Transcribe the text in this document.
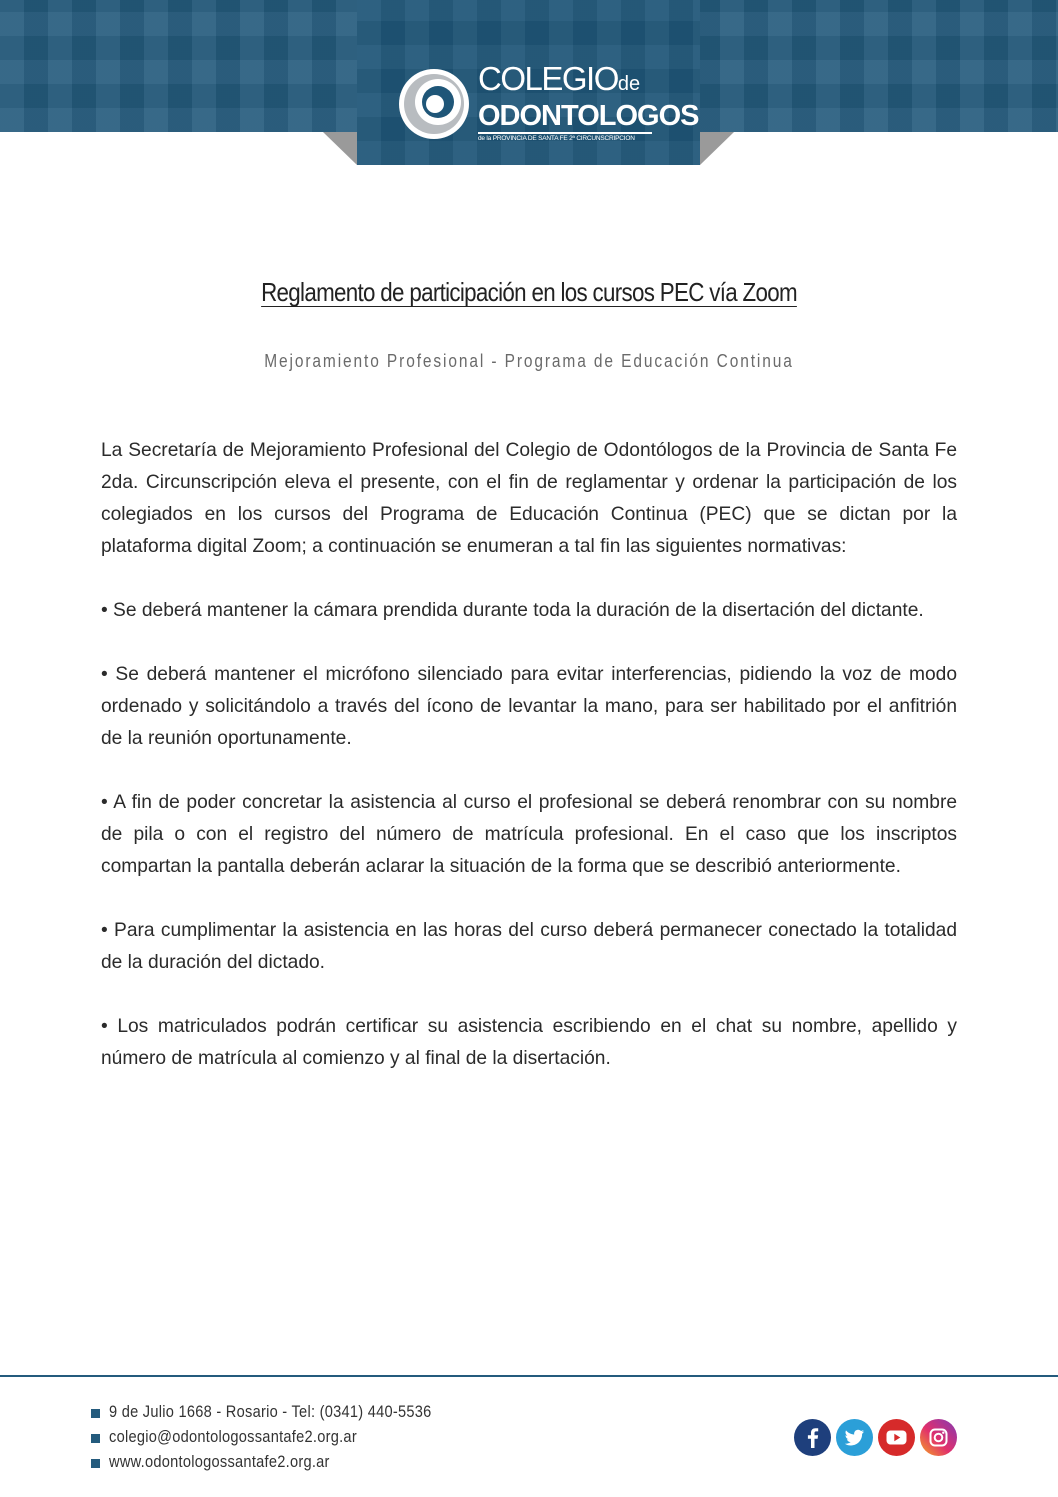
COLEGIOde
ODONTOLOGOS
de la PROVINCIA DE SANTA FE 2ª CIRCUNSCRIPCION
Reglamento de participación en los cursos PEC vía Zoom
Mejoramiento Profesional - Programa de Educación Continua

La Secretaría de Mejoramiento Profesional del Colegio de Odontólogos de la Provincia de Santa Fe 2da. Circunscripción eleva el presente, con el fin de reglamentar y ordenar la participación de los colegiados en los cursos del Programa de Educación Continua (PEC) que se dictan por la plataforma digital Zoom; a continuación se enumeran a tal fin las siguientes normativas:

• Se deberá mantener la cámara prendida durante toda la duración de la disertación del dictante.

• Se deberá mantener el micrófono silenciado para evitar interferencias, pidiendo la voz de modo ordenado y solicitándolo a través del ícono de levantar la mano, para ser habilitado por el anfitrión de la reunión oportunamente.

• A fin de poder concretar la asistencia al curso el profesional se deberá renombrar con su nombre de pila o con el registro del número de matrícula profesional. En el caso que los inscriptos compartan la pantalla deberán aclarar la situación de la forma que se describió anteriormente.

• Para cumplimentar la asistencia en las horas del curso deberá permanecer conectado la totalidad de la duración del dictado.

• Los matriculados podrán certificar su asistencia escribiendo en el chat su nombre, apellido y número de matrícula al comienzo y al final de la disertación.

9 de Julio 1668 - Rosario - Tel: (0341) 440-5536
colegio@odontologossantafe2.org.ar
www.odontologossantafe2.org.ar
